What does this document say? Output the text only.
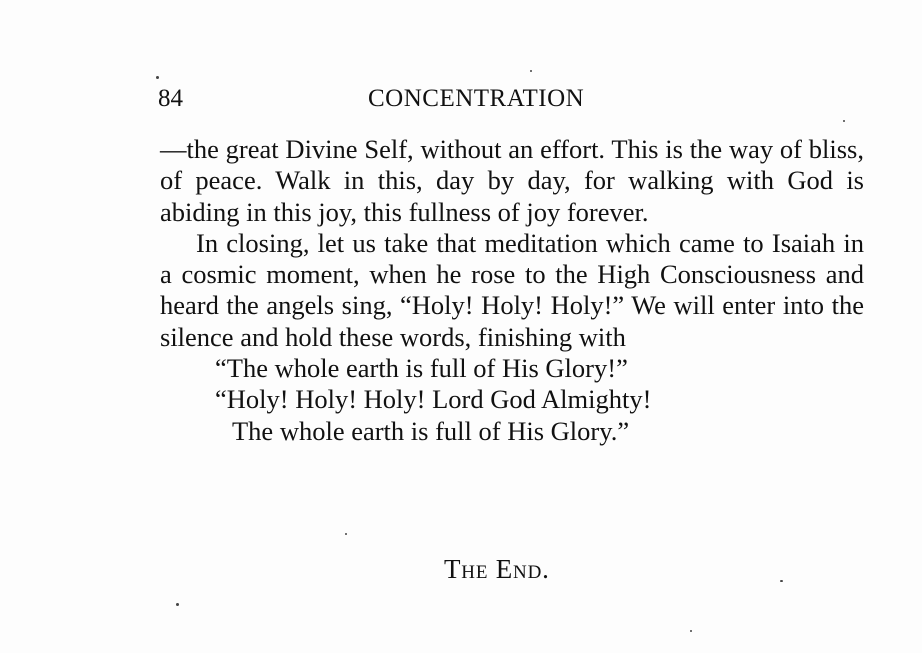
84	CONCENTRATION

—the great Divine Self, without an effort. This is the way of bliss, of peace. Walk in this, day by day, for walking with God is abiding in this joy, this fullness of joy forever.

In closing, let us take that meditation which came to Isaiah in a cosmic moment, when he rose to the High Consciousness and heard the angels sing, “Holy! Holy! Holy!” We will enter into the silence and hold these words, finishing with

“The whole earth is full of His Glory!”

“Holy! Holy! Holy! Lord God Almighty!

The whole earth is full of His Glory.”

The End.
